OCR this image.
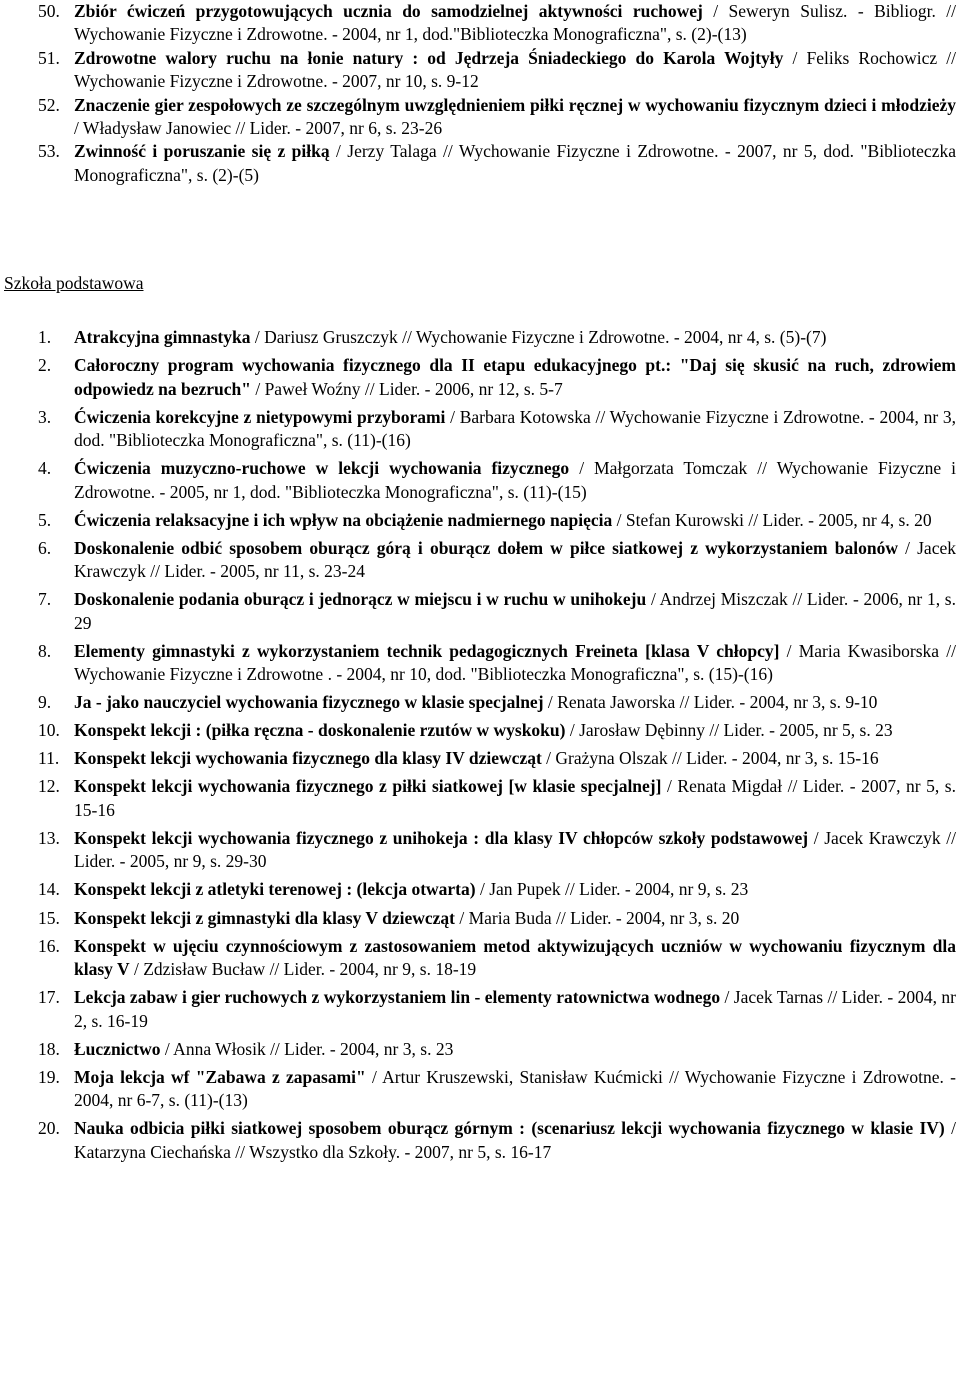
50. Zbiór ćwiczeń przygotowujących ucznia do samodzielnej aktywności ruchowej / Seweryn Sulisz. - Bibliogr. // Wychowanie Fizyczne i Zdrowotne. - 2004, nr 1, dod."Biblioteczka Monograficzna", s. (2)-(13)
51. Zdrowotne walory ruchu na łonie natury : od Jędrzeja Śniadeckiego do Karola Wojtyły / Feliks Rochowicz // Wychowanie Fizyczne i Zdrowotne. - 2007, nr 10, s. 9-12
52. Znaczenie gier zespołowych ze szczególnym uwzględnieniem piłki ręcznej w wychowaniu fizycznym dzieci i młodzieży / Władysław Janowiec // Lider. - 2007, nr 6, s. 23-26
53. Zwinność i poruszanie się z piłką / Jerzy Talaga // Wychowanie Fizyczne i Zdrowotne. - 2007, nr 5, dod. "Biblioteczka Monograficzna", s. (2)-(5)
Szkoła podstawowa
1. Atrakcyjna gimnastyka / Dariusz Gruszczyk // Wychowanie Fizyczne i Zdrowotne. - 2004, nr 4, s. (5)-(7)
2. Całoroczny program wychowania fizycznego dla II etapu edukacyjnego pt.: "Daj się skusić na ruch, zdrowiem odpowiedz na bezruch" / Paweł Woźny // Lider. - 2006, nr 12, s. 5-7
3. Ćwiczenia korekcyjne z nietypowymi przyborami / Barbara Kotowska // Wychowanie Fizyczne i Zdrowotne. - 2004, nr 3, dod. "Biblioteczka Monograficzna", s. (11)-(16)
4. Ćwiczenia muzyczno-ruchowe w lekcji wychowania fizycznego / Małgorzata Tomczak // Wychowanie Fizyczne i Zdrowotne. - 2005, nr 1, dod. "Biblioteczka Monograficzna", s. (11)-(15)
5. Ćwiczenia relaksacyjne i ich wpływ na obciążenie nadmiernego napięcia / Stefan Kurowski // Lider. - 2005, nr 4, s. 20
6. Doskonalenie odbić sposobem oburącz górą i oburącz dołem w piłce siatkowej z wykorzystaniem balonów / Jacek Krawczyk // Lider. - 2005, nr 11, s. 23-24
7. Doskonalenie podania oburącz i jednorącz w miejscu i w ruchu w unihokeju / Andrzej Miszczak // Lider. - 2006, nr 1, s. 29
8. Elementy gimnastyki z wykorzystaniem technik pedagogicznych Freineta [klasa V chłopcy] / Maria Kwasiborska // Wychowanie Fizyczne i Zdrowotne . - 2004, nr 10, dod. "Biblioteczka Monograficzna", s. (15)-(16)
9. Ja - jako nauczyciel wychowania fizycznego w klasie specjalnej / Renata Jaworska // Lider. - 2004, nr 3, s. 9-10
10. Konspekt lekcji : (piłka ręczna - doskonalenie rzutów w wyskoku) / Jarosław Dębinny // Lider. - 2005, nr 5, s. 23
11. Konspekt lekcji wychowania fizycznego dla klasy IV dziewcząt / Grażyna Olszak // Lider. - 2004, nr 3, s. 15-16
12. Konspekt lekcji wychowania fizycznego z piłki siatkowej [w klasie specjalnej] / Renata Migdał // Lider. - 2007, nr 5, s. 15-16
13. Konspekt lekcji wychowania fizycznego z unihokeja : dla klasy IV chłopców szkoły podstawowej / Jacek Krawczyk // Lider. - 2005, nr 9, s. 29-30
14. Konspekt lekcji z atletyki terenowej : (lekcja otwarta) / Jan Pupek // Lider. - 2004, nr 9, s. 23
15. Konspekt lekcji z gimnastyki dla klasy V dziewcząt / Maria Buda // Lider. - 2004, nr 3, s. 20
16. Konspekt w ujęciu czynnościowym z zastosowaniem metod aktywizujących uczniów w wychowaniu fizycznym dla klasy V / Zdzisław Bucław // Lider. - 2004, nr 9, s. 18-19
17. Lekcja zabaw i gier ruchowych z wykorzystaniem lin - elementy ratownictwa wodnego / Jacek Tarnas // Lider. - 2004, nr 2, s. 16-19
18. Łucznictwo / Anna Włosik // Lider. - 2004, nr 3, s. 23
19. Moja lekcja wf "Zabawa z zapasami" / Artur Kruszewski, Stanisław Kućmicki // Wychowanie Fizyczne i Zdrowotne. - 2004, nr 6-7, s. (11)-(13)
20. Nauka odbicia piłki siatkowej sposobem oburącz górnym : (scenariusz lekcji wychowania fizycznego w klasie IV) / Katarzyna Ciechańska // Wszystko dla Szkoły. - 2007, nr 5, s. 16-17
